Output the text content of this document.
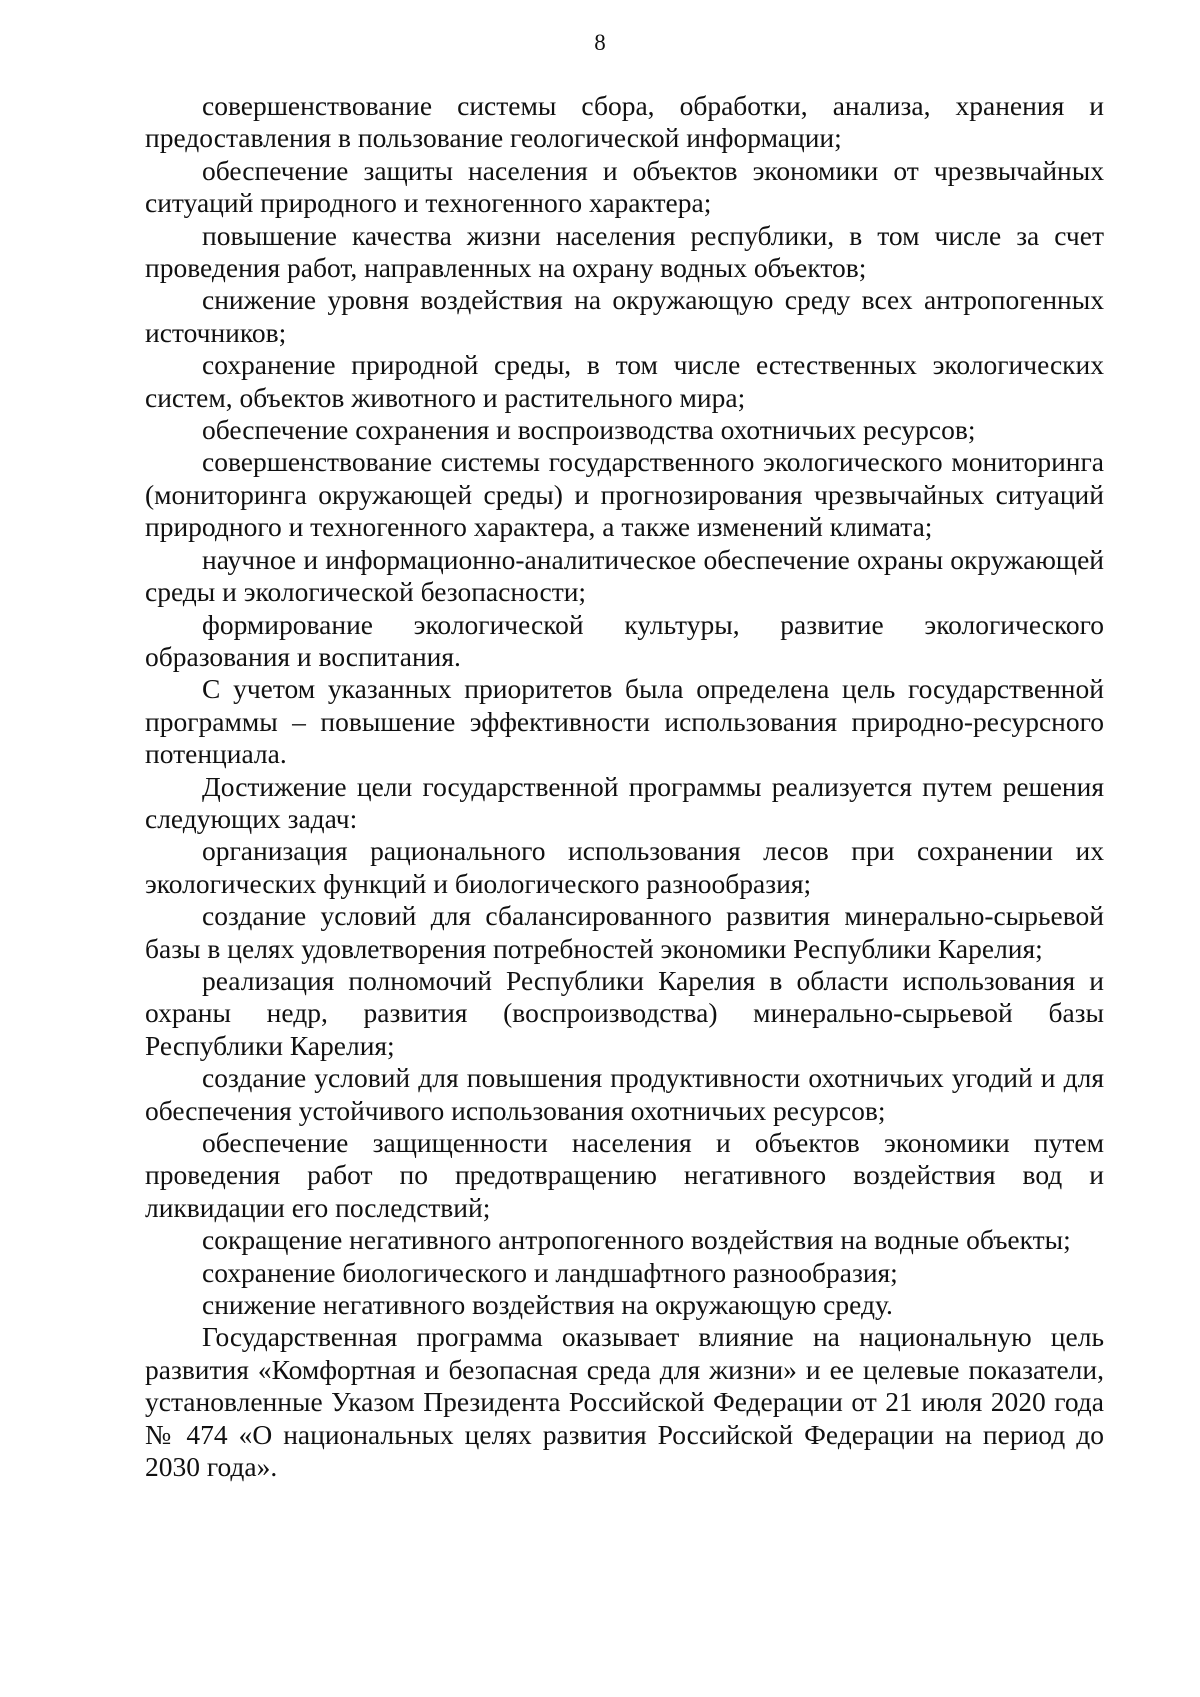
8

совершенствование системы сбора, обработки, анализа, хранения и предоставления в пользование геологической информации;

обеспечение защиты населения и объектов экономики от чрезвычайных ситуаций природного и техногенного характера;

повышение качества жизни населения республики, в том числе за счет проведения работ, направленных на охрану водных объектов;

снижение уровня воздействия на окружающую среду всех антропогенных источников;

сохранение природной среды, в том числе естественных экологических систем, объектов животного и растительного мира;

обеспечение сохранения и воспроизводства охотничьих ресурсов;

совершенствование системы государственного экологического мониторинга (мониторинга окружающей среды) и прогнозирования чрезвычайных ситуаций природного и техногенного характера, а также изменений климата;

научное и информационно-аналитическое обеспечение охраны окружающей среды и экологической безопасности;

формирование экологической культуры, развитие экологического образования и воспитания.

С учетом указанных приоритетов была определена цель государственной программы – повышение эффективности использования природно-ресурсного потенциала.

Достижение цели государственной программы реализуется путем решения следующих задач:

организация рационального использования лесов при сохранении их экологических функций и биологического разнообразия;

создание условий для сбалансированного развития минерально-сырьевой базы в целях удовлетворения потребностей экономики Республики Карелия;

реализация полномочий Республики Карелия в области использования и охраны недр, развития (воспроизводства) минерально-сырьевой базы Республики Карелия;

создание условий для повышения продуктивности охотничьих угодий и для обеспечения устойчивого использования охотничьих ресурсов;

обеспечение защищенности населения и объектов экономики путем проведения работ по предотвращению негативного воздействия вод и ликвидации его последствий;

сокращение негативного антропогенного воздействия на водные объекты;

сохранение биологического и ландшафтного разнообразия;

снижение негативного воздействия на окружающую среду.

Государственная программа оказывает влияние на национальную цель развития «Комфортная и безопасная среда для жизни» и ее целевые показатели, установленные Указом Президента Российской Федерации от 21 июля 2020 года № 474 «О национальных целях развития Российской Федерации на период до 2030 года».
